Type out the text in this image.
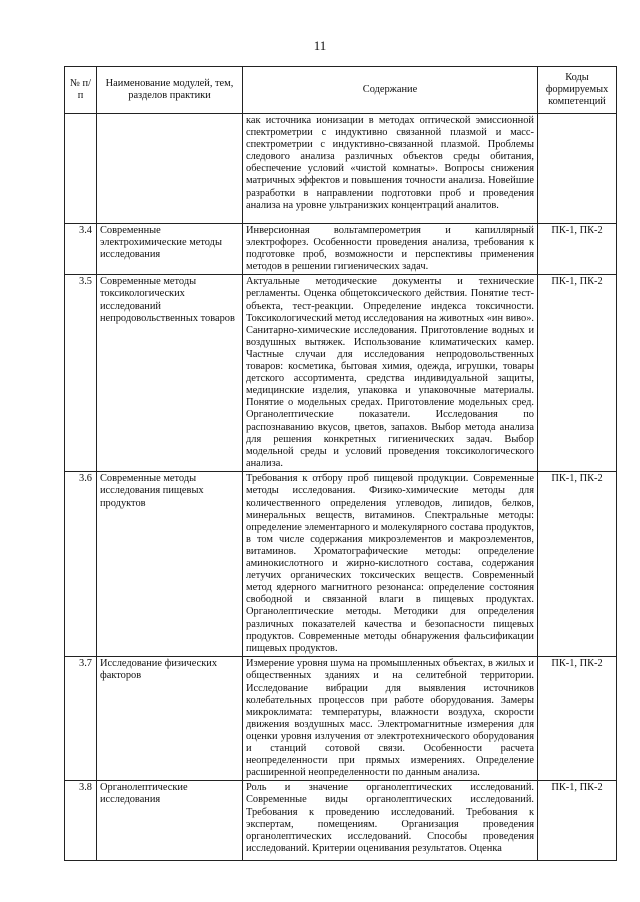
11
№ п/п	Наименование модулей, тем, разделов практики	Содержание	Коды формируемых компетенций
		как источника ионизации в методах оптической эмиссионной спектрометрии с индуктивно связанной плазмой и масс-спектрометрии с индуктивно-связанной плазмой. Проблемы следового анализа различных объектов среды обитания, обеспечение условий «чистой комнаты». Вопросы снижения матричных эффектов и повышения точности анализа. Новейшие разработки в направлении подготовки проб и проведения анализа на уровне ультранизких концентраций аналитов.	
3.4	Современные электрохимические методы исследования	Инверсионная вольтамперометрия и капиллярный электрофорез. Особенности проведения анализа, требования к подготовке проб, возможности и перспективы применения методов в решении гигиенических задач.	ПК-1, ПК-2
3.5	Современные методы токсикологических исследований непродовольственных товаров	Актуальные методические документы и технические регламенты. Оценка общетоксического действия. Понятие тест-объекта, тест-реакции. Определение индекса токсичности. Токсикологический метод исследования на животных «ин виво». Санитарно-химические исследования. Приготовление водных и воздушных вытяжек. Использование климатических камер. Частные случаи для исследования непродовольственных товаров: косметика, бытовая химия, одежда, игрушки, товары детского ассортимента, средства индивидуальной защиты, медицинские изделия, упаковка и упаковочные материалы. Понятие о модельных средах. Приготовление модельных сред. Органолептические показатели. Исследования по распознаванию вкусов, цветов, запахов. Выбор метода анализа для решения конкретных гигиенических задач. Выбор модельной среды и условий проведения токсикологического анализа.	ПК-1, ПК-2
3.6	Современные методы исследования пищевых продуктов	Требования к отбору проб пищевой продукции. Современные методы исследования. Физико-химические методы для количественного определения углеводов, липидов, белков, минеральных веществ, витаминов. Спектральные методы: определение элементарного и молекулярного состава продуктов, в том числе содержания микроэлементов и макроэлементов, витаминов. Хроматографические методы: определение аминокислотного и жирно-кислотного состава, содержания летучих органических токсических веществ. Современный метод ядерного магнитного резонанса: определение состояния свободной и связанной влаги в пищевых продуктах. Органолептические методы. Методики для определения различных показателей качества и безопасности пищевых продуктов. Современные методы обнаружения фальсификации пищевых продуктов.	ПК-1, ПК-2
3.7	Исследование физических факторов	Измерение уровня шума на промышленных объектах, в жилых и общественных зданиях и на селитебной территории. Исследование вибрации для выявления источников колебательных процессов при работе оборудования. Замеры микроклимата: температуры, влажности воздуха, скорости движения воздушных масс. Электромагнитные измерения для оценки уровня излучения от электротехнического оборудования и станций сотовой связи. Особенности расчета неопределенности при прямых измерениях. Определение расширенной неопределенности по данным анализа.	ПК-1, ПК-2
3.8	Органолептические исследования	Роль и значение органолептических исследований. Современные виды органолептических исследований. Требования к проведению исследований. Требования к экспертам, помещениям. Организация проведения органолептических исследований. Способы проведения исследований. Критерии оценивания результатов. Оценка	ПК-1, ПК-2
